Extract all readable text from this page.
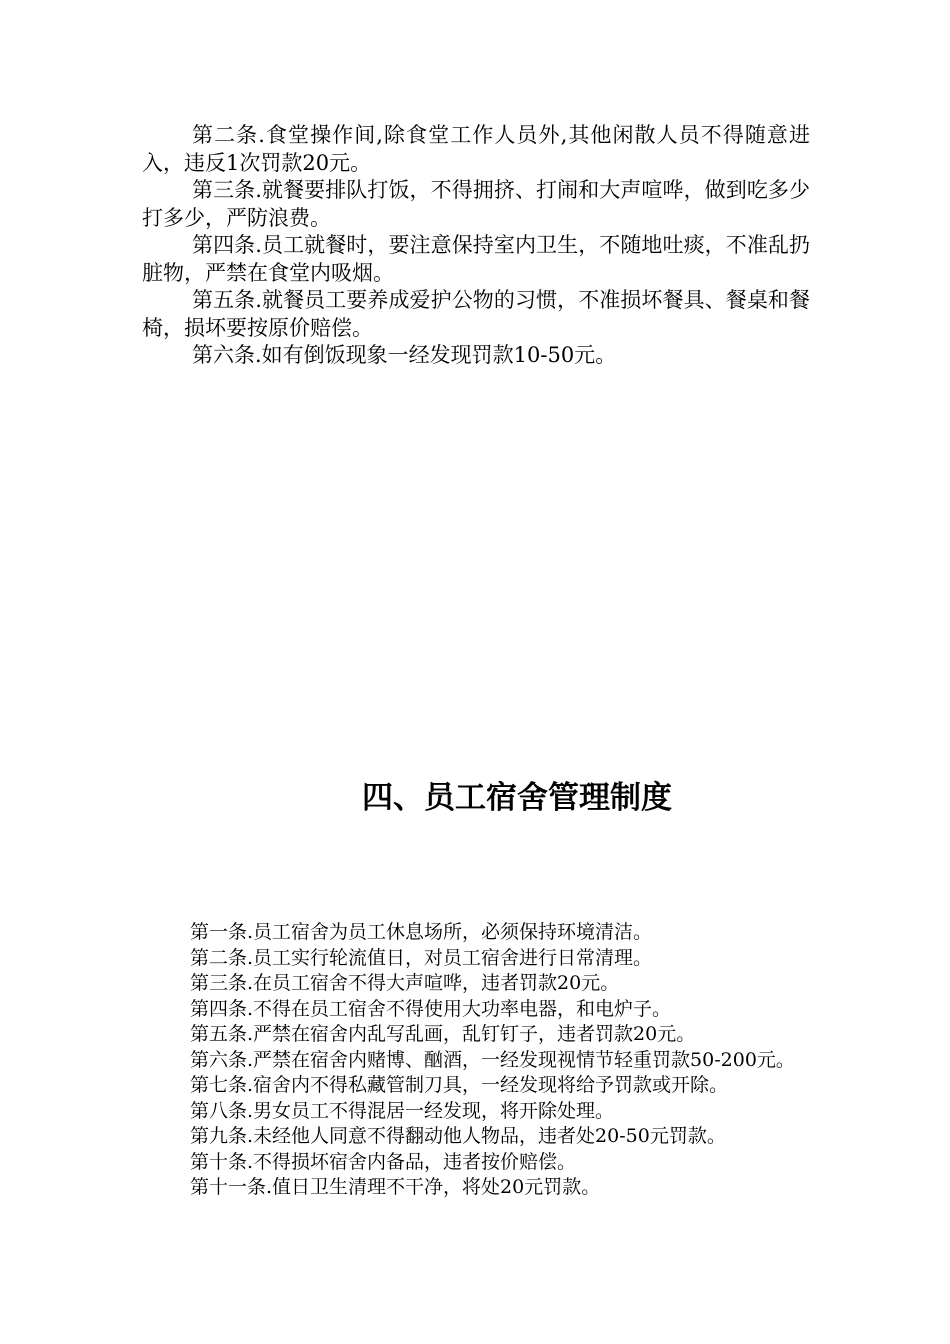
第二条.食堂操作间,除食堂工作人员外,其他闲散人员不得随意进入，违反1次罚款20元。

第三条.就餐要排队打饭，不得拥挤、打闹和大声喧哗，做到吃多少打多少，严防浪费。

第四条.员工就餐时，要注意保持室内卫生，不随地吐痰，不准乱扔脏物，严禁在食堂内吸烟。

第五条.就餐员工要养成爱护公物的习惯，不准损坏餐具、餐桌和餐椅，损坏要按原价赔偿。

第六条.如有倒饭现象一经发现罚款10-50元。

四、员工宿舍管理制度

第一条.员工宿舍为员工休息场所，必须保持环境清洁。

第二条.员工实行轮流值日，对员工宿舍进行日常清理。

第三条.在员工宿舍不得大声喧哗，违者罚款20元。

第四条.不得在员工宿舍不得使用大功率电器，和电炉子。

第五条.严禁在宿舍内乱写乱画，乱钉钉子，违者罚款20元。

第六条.严禁在宿舍内赌博、酗酒，一经发现视情节轻重罚款50-200元。

第七条.宿舍内不得私藏管制刀具，一经发现将给予罚款或开除。

第八条.男女员工不得混居一经发现，将开除处理。

第九条.未经他人同意不得翻动他人物品，违者处20-50元罚款。

第十条.不得损坏宿舍内备品，违者按价赔偿。

第十一条.值日卫生清理不干净，将处20元罚款。
